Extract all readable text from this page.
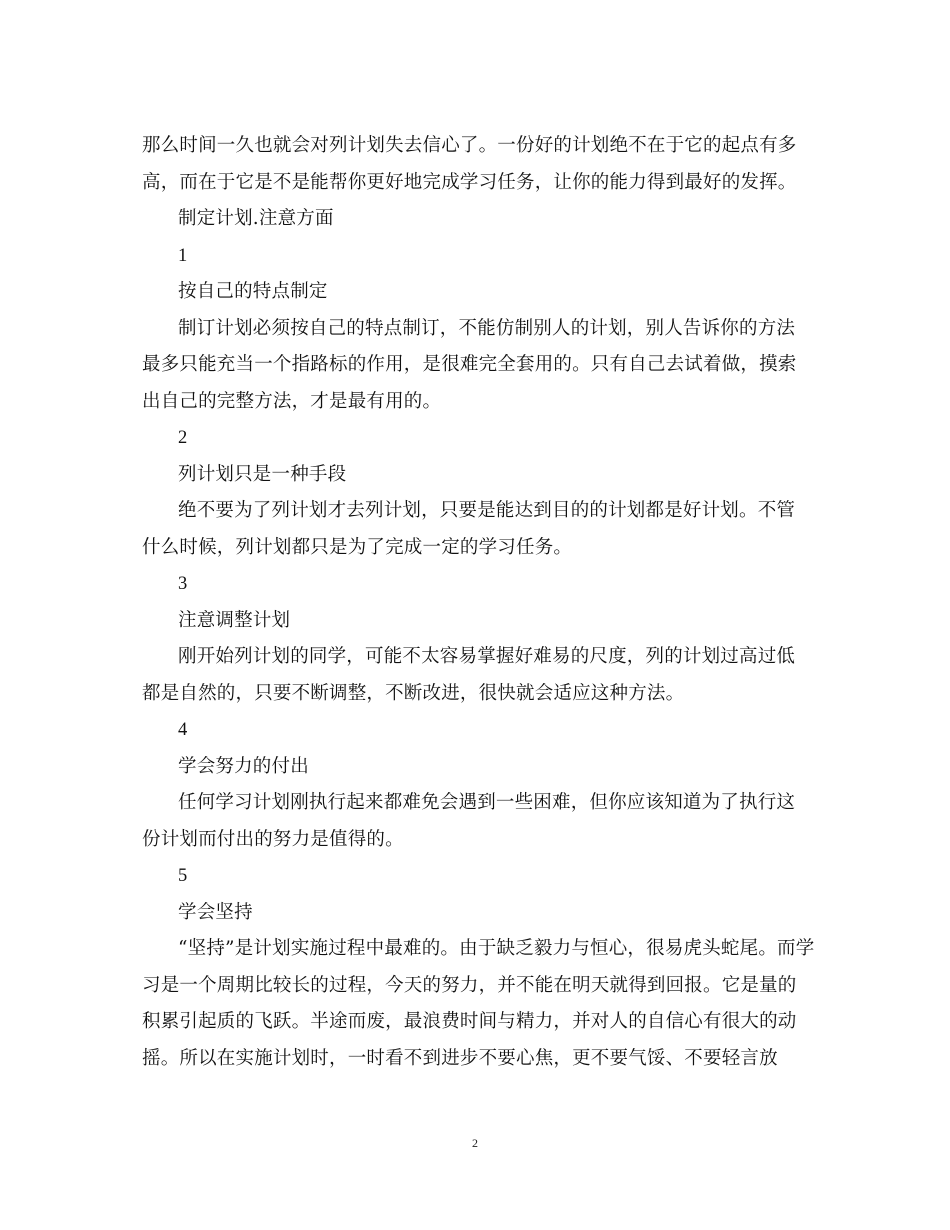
那么时间一久也就会对列计划失去信心了。一份好的计划绝不在于它的起点有多
高，而在于它是不是能帮你更好地完成学习任务，让你的能力得到最好的发挥。
制定计划.注意方面
1
按自己的特点制定
制订计划必须按自己的特点制订，不能仿制别人的计划，别人告诉你的方法
最多只能充当一个指路标的作用，是很难完全套用的。只有自己去试着做，摸索
出自己的完整方法，才是最有用的。
2
列计划只是一种手段
绝不要为了列计划才去列计划，只要是能达到目的的计划都是好计划。不管
什么时候，列计划都只是为了完成一定的学习任务。
3
注意调整计划
刚开始列计划的同学，可能不太容易掌握好难易的尺度，列的计划过高过低
都是自然的，只要不断调整，不断改进，很快就会适应这种方法。
4
学会努力的付出
任何学习计划刚执行起来都难免会遇到一些困难，但你应该知道为了执行这
份计划而付出的努力是值得的。
5
学会坚持
“坚持”是计划实施过程中最难的。由于缺乏毅力与恒心，很易虎头蛇尾。而学
习是一个周期比较长的过程，今天的努力，并不能在明天就得到回报。它是量的
积累引起质的飞跃。半途而废，最浪费时间与精力，并对人的自信心有很大的动
摇。所以在实施计划时，一时看不到进步不要心焦，更不要气馁、不要轻言放
2
